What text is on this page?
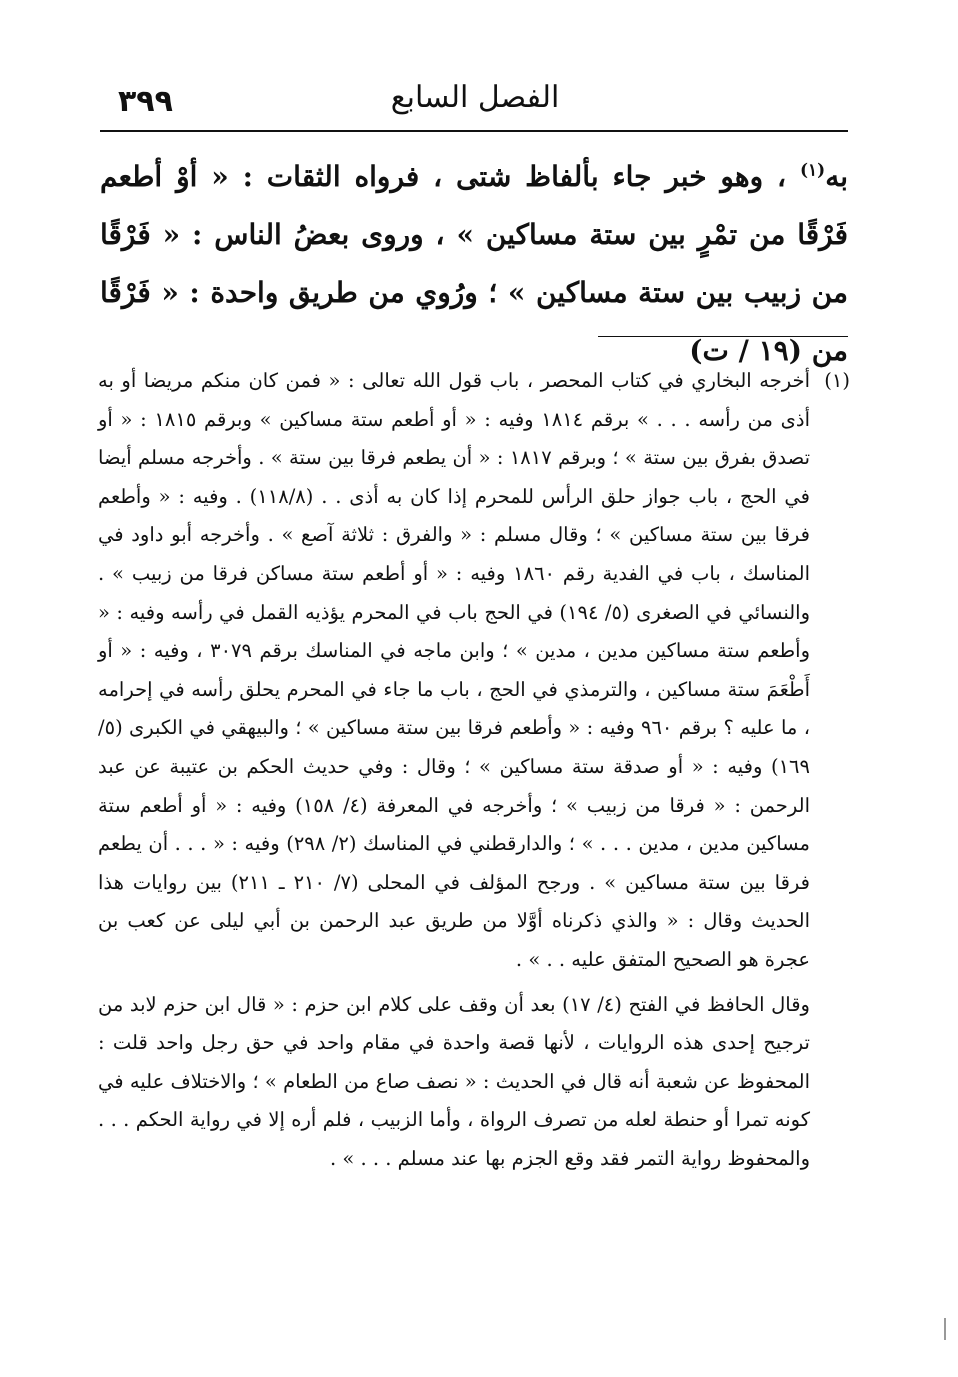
٣٩٩	الفصل السابع

به$^{(١)}$ ، وهو خبر جاء بألفاظ شتى ، فرواه الثقات : « أوْ أطعم فَرْقًا من تمْرٍ بين ستة مساكين » ، وروى بعضُ الناس : « فَرْقًا من زبيب بين ستة مساكين » ؛ ورُوي من طريق واحدة : « فَرْقًا من (١٩ / ت)

(١)

أخرجه البخاري في كتاب المحصر ، باب قول الله تعالى : « فمن كان منكم مريضا أو به أذى من رأسه . . . » برقم ١٨١٤ وفيه : « أو أطعم ستة مساكين » وبرقم ١٨١٥ : « أو تصدق بفرق بين ستة » ؛ وبرقم ١٨١٧ : « أن يطعم فرقا بين ستة » . وأخرجه مسلم أيضا في الحج ، باب جواز حلق الرأس للمحرم إذا كان به أذى . . (١١٨/٨) . وفيه : « وأطعم فرقا بين ستة مساكين » ؛ وقال مسلم : « والفرق : ثلاثة آصع » . وأخرجه أبو داود في المناسك ، باب في الفدية رقم ١٨٦٠ وفيه : « أو أطعم ستة مساكن فرقا من زبيب » . والنسائي في الصغرى (٥/ ١٩٤) في الحج باب في المحرم يؤذيه القمل في رأسه وفيه : « وأطعم ستة مساكين مدين ، مدين » ؛ وابن ماجه في المناسك برقم ٣٠٧٩ ، وفيه : « أو أَطْعَمَ ستة مساكين ، والترمذي في الحج ، باب ما جاء في المحرم يحلق رأسه في إحرامه ، ما عليه ؟ برقم ٩٦٠ وفيه : « وأطعم فرقا بين ستة مساكين » ؛ والبيهقي في الكبرى (٥/ ١٦٩) وفيه : « أو صدقة ستة مساكين » ؛ وقال : وفي حديث الحكم بن عتيبة عن عبد الرحمن : « فرقا من زبيب » ؛ وأخرجه في المعرفة (٤/ ١٥٨) وفيه : « أو أطعم ستة مساكين مدين ، مدين . . . » ؛ والدارقطني في المناسك (٢/ ٢٩٨) وفيه : « . . . أن يطعم فرقا بين ستة مساكين » . ورجح المؤلف في المحلى (٧/ ٢١٠ ـ ٢١١) بين روايات هذا الحديث وقال : « والذي ذكرناه أوَّلا من طريق عبد الرحمن بن أبي ليلى عن كعب بن عجرة هو الصحيح المتفق عليه . . » .

وقال الحافظ في الفتح (٤/ ١٧) بعد أن وقف على كلام ابن حزم : « قال ابن حزم لابد من ترجيح إحدى هذه الروايات ، لأنها قصة واحدة في مقام واحد في حق رجل واحد قلت : المحفوظ عن شعبة أنه قال في الحديث : « نصف صاع من الطعام » ؛ والاختلاف عليه في كونه تمرا أو حنطة لعله من تصرف الرواة ، وأما الزبيب ، فلم أره إلا في رواية الحكم . . . والمحفوظ رواية التمر فقد وقع الجزم بها عند مسلم . . . » .
